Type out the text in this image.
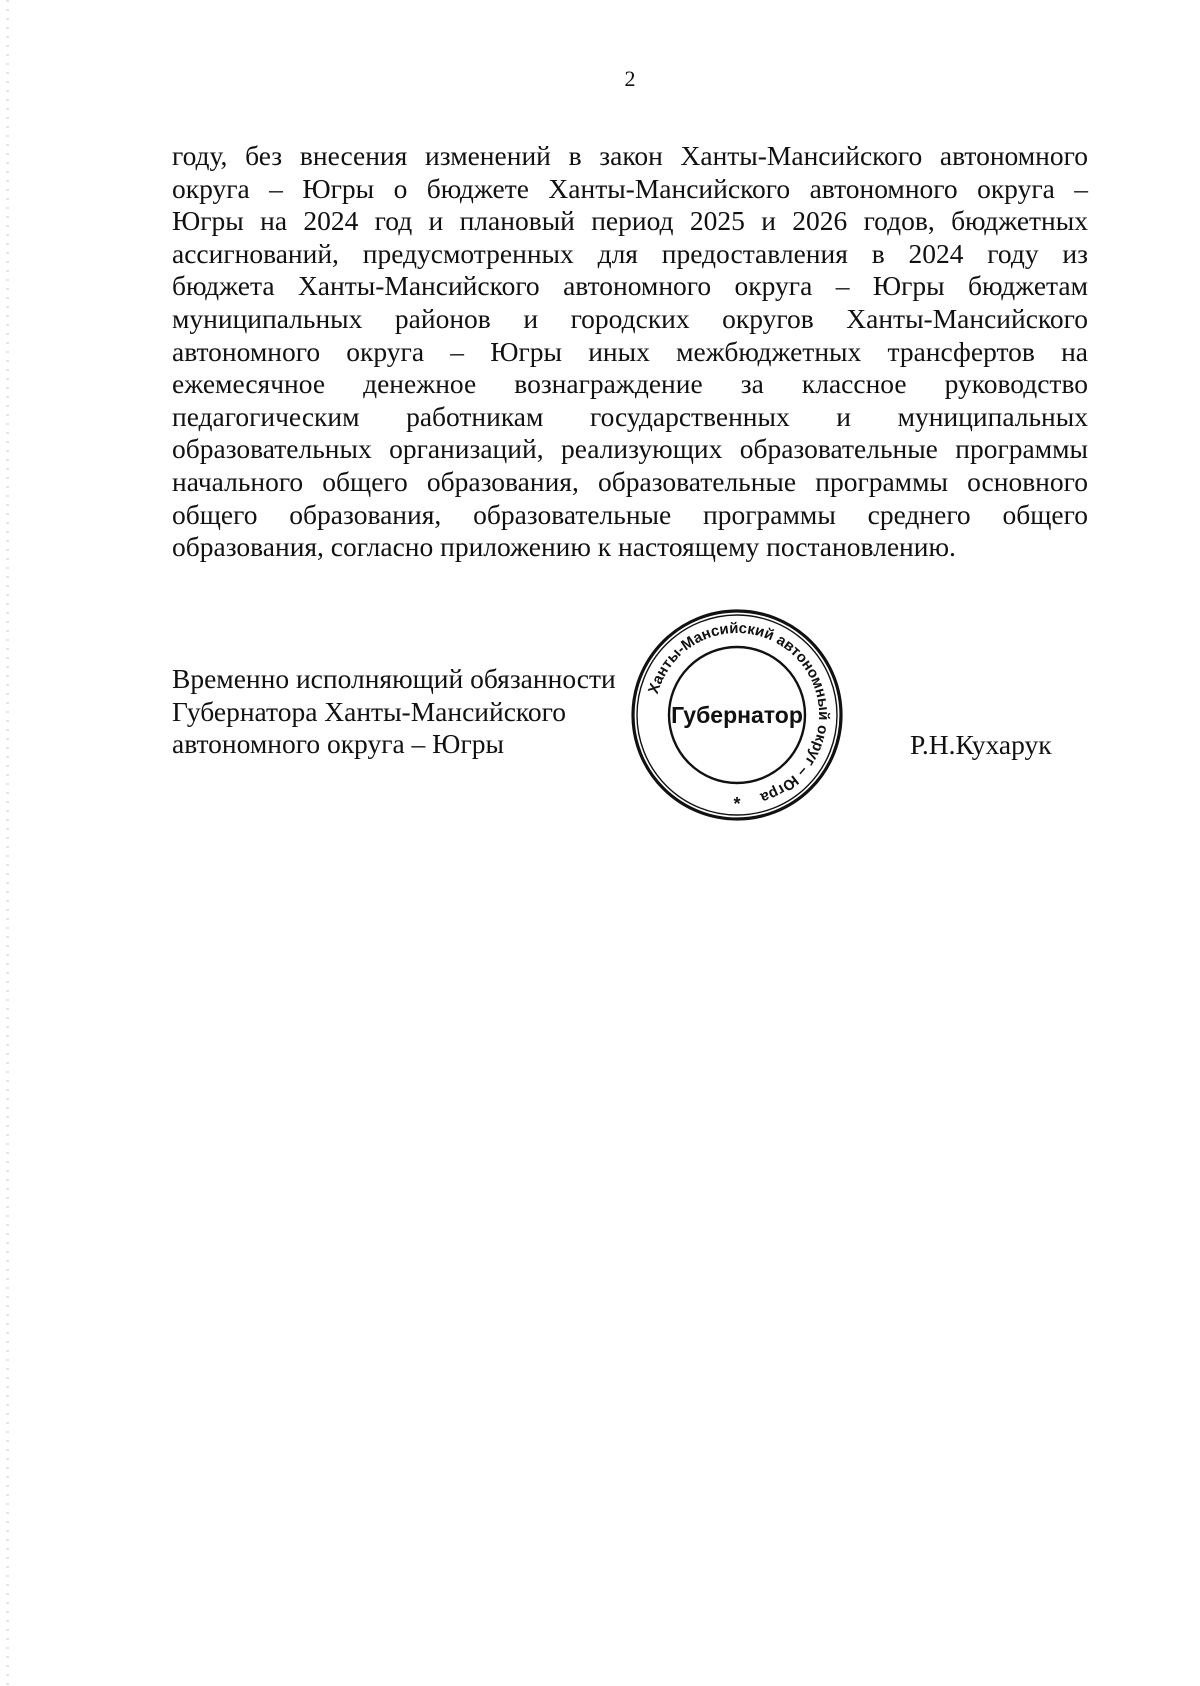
2
году, без внесения изменений в закон Ханты-Мансийского автономного
округа – Югры о бюджете Ханты-Мансийского автономного округа –
Югры на 2024 год и плановый период 2025 и 2026 годов, бюджетных
ассигнований, предусмотренных для предоставления в 2024 году из
бюджета Ханты-Мансийского автономного округа – Югры бюджетам
муниципальных районов и городских округов Ханты-Мансийского
автономного округа – Югры иных межбюджетных трансфертов на
ежемесячное денежное вознаграждение за классное руководство
педагогическим работникам государственных и муниципальных
образовательных организаций, реализующих образовательные программы
начального общего образования, образовательные программы основного
общего образования, образовательные программы среднего общего
образования, согласно приложению к настоящему постановлению.
Временно исполняющий обязанности
Губернатора Ханты-Мансийского
автономного округа – Югры
Ханты-Мансийский автономный округ – Югра
Губернатор
*
Р.Н.Кухарук
